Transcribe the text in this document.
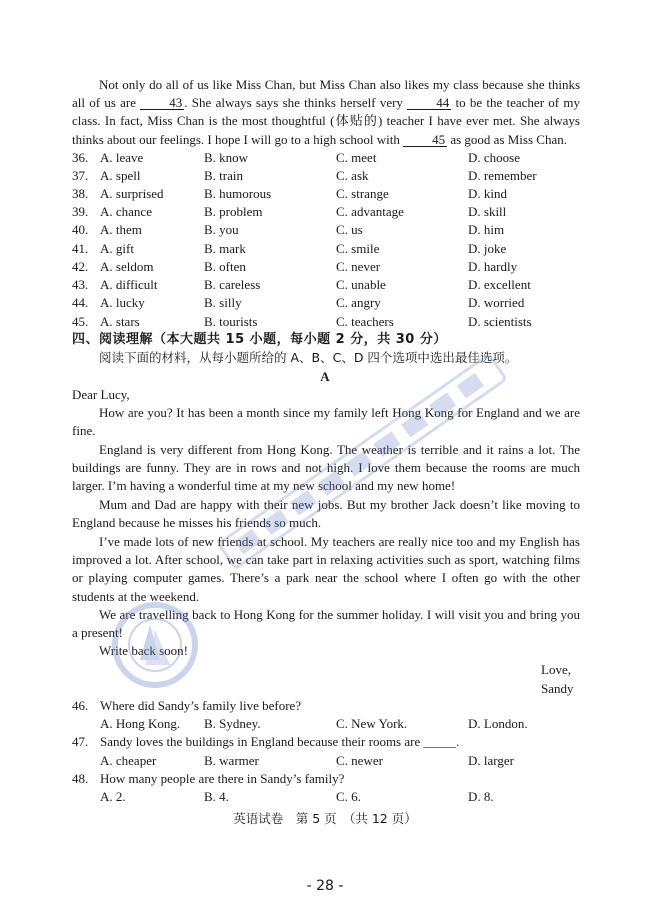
Not only do all of us like Miss Chan, but Miss Chan also likes my class because she thinks all of us are 43 . She always says she thinks herself very 44 to be the teacher of my class. In fact, Miss Chan is the most thoughtful (体贴的) teacher I have ever met. She always thinks about our feelings. I hope I will go to a high school with 45 as good as Miss Chan.
36. A. leave	B. know	C. meet	D. choose
37. A. spell	B. train	C. ask	D. remember
38. A. surprised	B. humorous	C. strange	D. kind
39. A. chance	B. problem	C. advantage	D. skill
40. A. them	B. you	C. us	D. him
41. A. gift	B. mark	C. smile	D. joke
42. A. seldom	B. often	C. never	D. hardly
43. A. difficult	B. careless	C. unable	D. excellent
44. A. lucky	B. silly	C. angry	D. worried
45. A. stars	B. tourists	C. teachers	D. scientists
四、阅读理解（本大题共 15 小题，每小题 2 分，共 30 分）
阅读下面的材料，从每小题所给的 A、B、C、D 四个选项中选出最佳选项。
A
Dear Lucy,
How are you? It has been a month since my family left Hong Kong for England and we are fine.
England is very different from Hong Kong. The weather is terrible and it rains a lot. The buildings are funny. They are in rows and not high. I love them because the rooms are much larger. I’m having a wonderful time at my new school and my new home!
Mum and Dad are happy with their new jobs. But my brother Jack doesn’t like moving to England because he misses his friends so much.
I’ve made lots of new friends at school. My teachers are really nice too and my English has improved a lot. After school, we can take part in relaxing activities such as sport, watching films or playing computer games. There’s a park near the school where I often go with the other students at the weekend.
We are travelling back to Hong Kong for the summer holiday. I will visit you and bring you a present!
Write back soon!
Love,
Sandy
46. Where did Sandy’s family live before?
A. Hong Kong. B. Sydney.	C. New York.	D. London.
47. Sandy loves the buildings in England because their rooms are _____.
A. cheaper	B. warmer	C. newer	D. larger
48. How many people are there in Sandy’s family?
A. 2.	B. 4.	C. 6.	D. 8.
英语试卷　第 5 页　（共 12 页）
- 28 -
